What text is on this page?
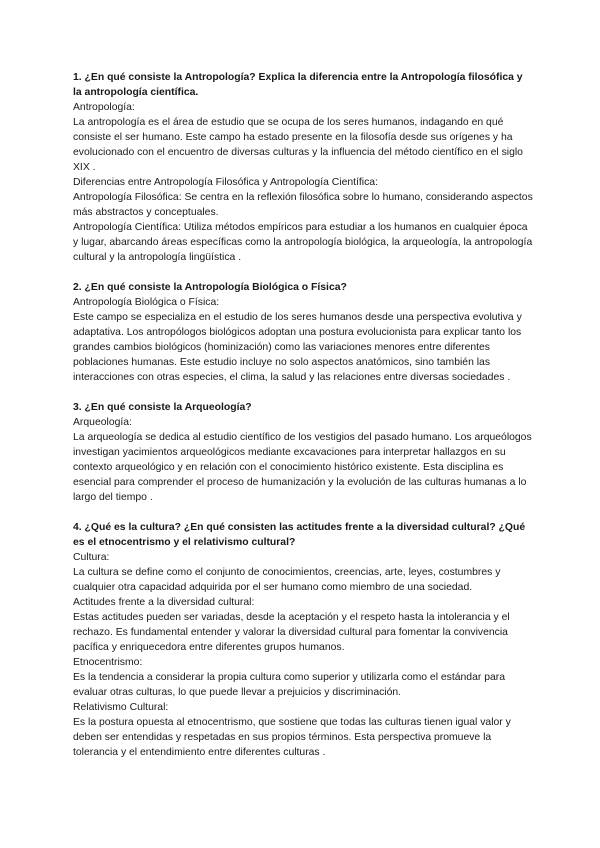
1. ¿En qué consiste la Antropología? Explica la diferencia entre la Antropología filosófica y la antropología científica.

Antropología:

La antropología es el área de estudio que se ocupa de los seres humanos, indagando en qué consiste el ser humano. Este campo ha estado presente en la filosofía desde sus orígenes y ha evolucionado con el encuentro de diversas culturas y la influencia del método científico en el siglo XIX .

Diferencias entre Antropología Filosófica y Antropología Científica:

Antropología Filosófica: Se centra en la reflexión filosófica sobre lo humano, considerando aspectos más abstractos y conceptuales.

Antropología Científica: Utiliza métodos empíricos para estudiar a los humanos en cualquier época y lugar, abarcando áreas específicas como la antropología biológica, la arqueología, la antropología cultural y la antropología lingüística .

2. ¿En qué consiste la Antropología Biológica o Física?

Antropología Biológica o Física:

Este campo se especializa en el estudio de los seres humanos desde una perspectiva evolutiva y adaptativa. Los antropólogos biológicos adoptan una postura evolucionista para explicar tanto los grandes cambios biológicos (hominización) como las variaciones menores entre diferentes poblaciones humanas. Este estudio incluye no solo aspectos anatómicos, sino también las interacciones con otras especies, el clima, la salud y las relaciones entre diversas sociedades .

3. ¿En qué consiste la Arqueología?

Arqueología:

La arqueología se dedica al estudio científico de los vestigios del pasado humano. Los arqueólogos investigan yacimientos arqueológicos mediante excavaciones para interpretar hallazgos en su contexto arqueológico y en relación con el conocimiento histórico existente. Esta disciplina es esencial para comprender el proceso de humanización y la evolución de las culturas humanas a lo largo del tiempo .

4. ¿Qué es la cultura? ¿En qué consisten las actitudes frente a la diversidad cultural? ¿Qué es el etnocentrismo y el relativismo cultural?

Cultura:

La cultura se define como el conjunto de conocimientos, creencias, arte, leyes, costumbres y cualquier otra capacidad adquirida por el ser humano como miembro de una sociedad.

Actitudes frente a la diversidad cultural:

Estas actitudes pueden ser variadas, desde la aceptación y el respeto hasta la intolerancia y el rechazo. Es fundamental entender y valorar la diversidad cultural para fomentar la convivencia pacífica y enriquecedora entre diferentes grupos humanos.

Etnocentrismo:

Es la tendencia a considerar la propia cultura como superior y utilizarla como el estándar para evaluar otras culturas, lo que puede llevar a prejuicios y discriminación.

Relativismo Cultural:

Es la postura opuesta al etnocentrismo, que sostiene que todas las culturas tienen igual valor y deben ser entendidas y respetadas en sus propios términos. Esta perspectiva promueve la tolerancia y el entendimiento entre diferentes culturas .
